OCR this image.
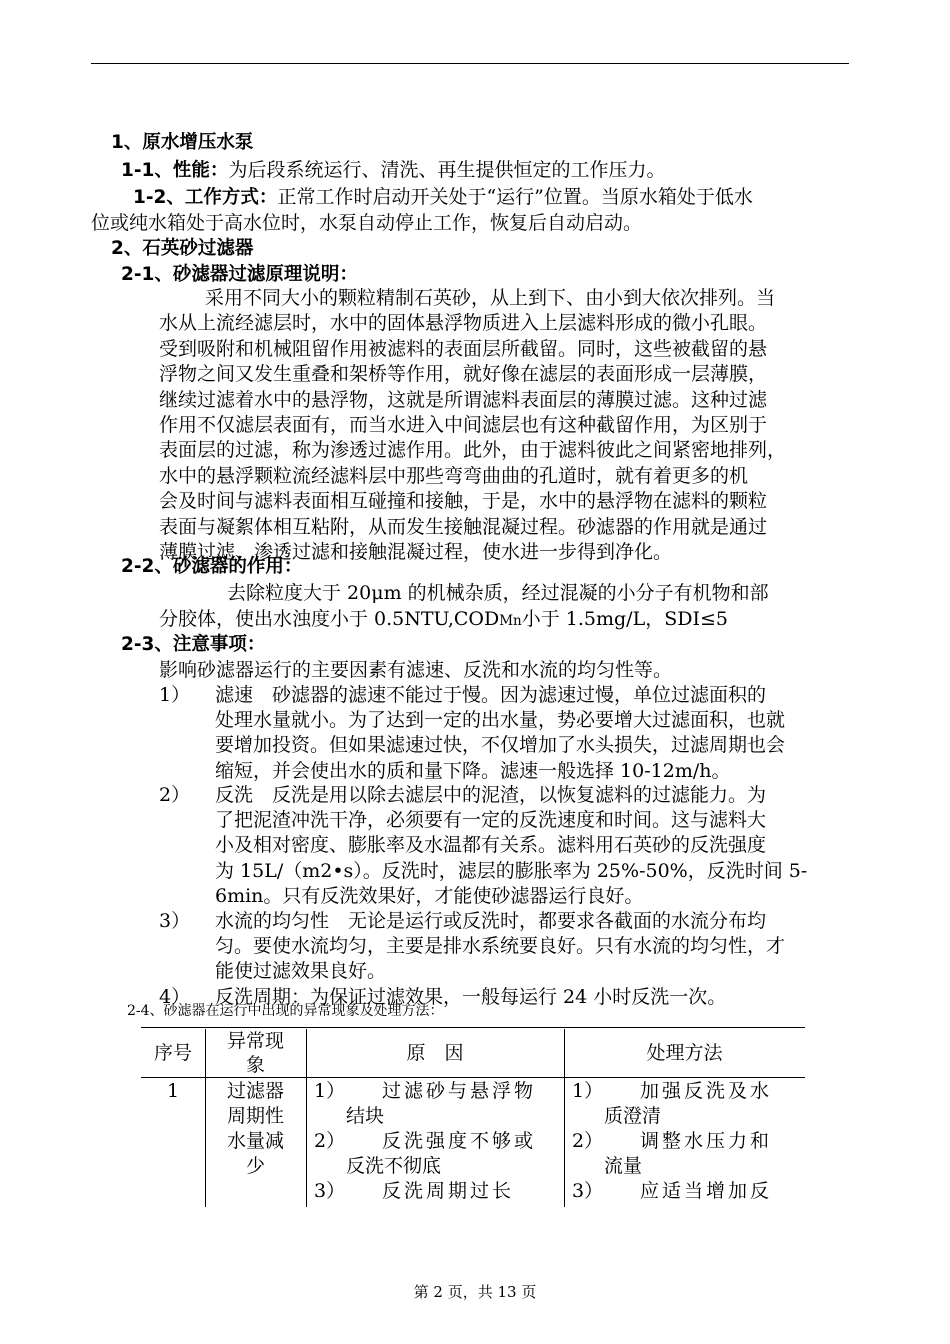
1、原水增压水泵
1-1、性能：为后段系统运行、清洗、再生提供恒定的工作压力。
1-2、工作方式：正常工作时启动开关处于“运行”位置。当原水箱处于低水
位或纯水箱处于高水位时，水泵自动停止工作，恢复后自动启动。
2、石英砂过滤器
2-1、砂滤器过滤原理说明：
采用不同大小的颗粒精制石英砂，从上到下、由小到大依次排列。当
水从上流经滤层时，水中的固体悬浮物质进入上层滤料形成的微小孔眼。
受到吸附和机械阻留作用被滤料的表面层所截留。同时，这些被截留的悬
浮物之间又发生重叠和架桥等作用，就好像在滤层的表面形成一层薄膜，
继续过滤着水中的悬浮物，这就是所谓滤料表面层的薄膜过滤。这种过滤
作用不仅滤层表面有，而当水进入中间滤层也有这种截留作用，为区别于
表面层的过滤，称为渗透过滤作用。此外，由于滤料彼此之间紧密地排列，
水中的悬浮颗粒流经滤料层中那些弯弯曲曲的孔道时，就有着更多的机
会及时间与滤料表面相互碰撞和接触，于是，水中的悬浮物在滤料的颗粒
表面与凝絮体相互粘附，从而发生接触混凝过程。砂滤器的作用就是通过
薄膜过滤、渗透过滤和接触混凝过程，使水进一步得到净化。
2-2、砂滤器的作用：
去除粒度大于 20μm 的机械杂质，经过混凝的小分子有机物和部
分胶体，使出水浊度小于 0.5NTU,CODMn小于 1.5mg/L，SDI≤5
2-3、注意事项：
影响砂滤器运行的主要因素有滤速、反洗和水流的均匀性等。
1） 滤速　砂滤器的滤速不能过于慢。因为滤速过慢，单位过滤面积的
处理水量就小。为了达到一定的出水量，势必要增大过滤面积，也就
要增加投资。但如果滤速过快，不仅增加了水头损失，过滤周期也会
缩短，并会使出水的质和量下降。滤速一般选择 10-12m/h。
2） 反洗　反洗是用以除去滤层中的泥渣，以恢复滤料的过滤能力。为
了把泥渣冲洗干净，必须要有一定的反洗速度和时间。这与滤料大
小及相对密度、膨胀率及水温都有关系。滤料用石英砂的反洗强度
为 15L/（m2•s）。反洗时，滤层的膨胀率为 25%-50%，反洗时间 5-
6min。只有反洗效果好，才能使砂滤器运行良好。
3） 水流的均匀性　无论是运行或反洗时，都要求各截面的水流分布均
匀。要使水流均匀，主要是排水系统要良好。只有水流的均匀性，才
能使过滤效果良好。
4） 反洗周期：为保证过滤效果，一般每运行 24 小时反洗一次。
2-4、砂滤器在运行中出现的异常现象及处理方法：
序号
异常现
象
原　因	处理方法
1	过滤器
周期性
水量减
少
1） 过滤砂与悬浮物
结块
2） 反洗强度不够或
反洗不彻底
3） 反洗周期过长
1） 加强反洗及水
质澄清
2） 调整水压力和
流量
3） 应适当增加反
第 2 页，共 13 页
